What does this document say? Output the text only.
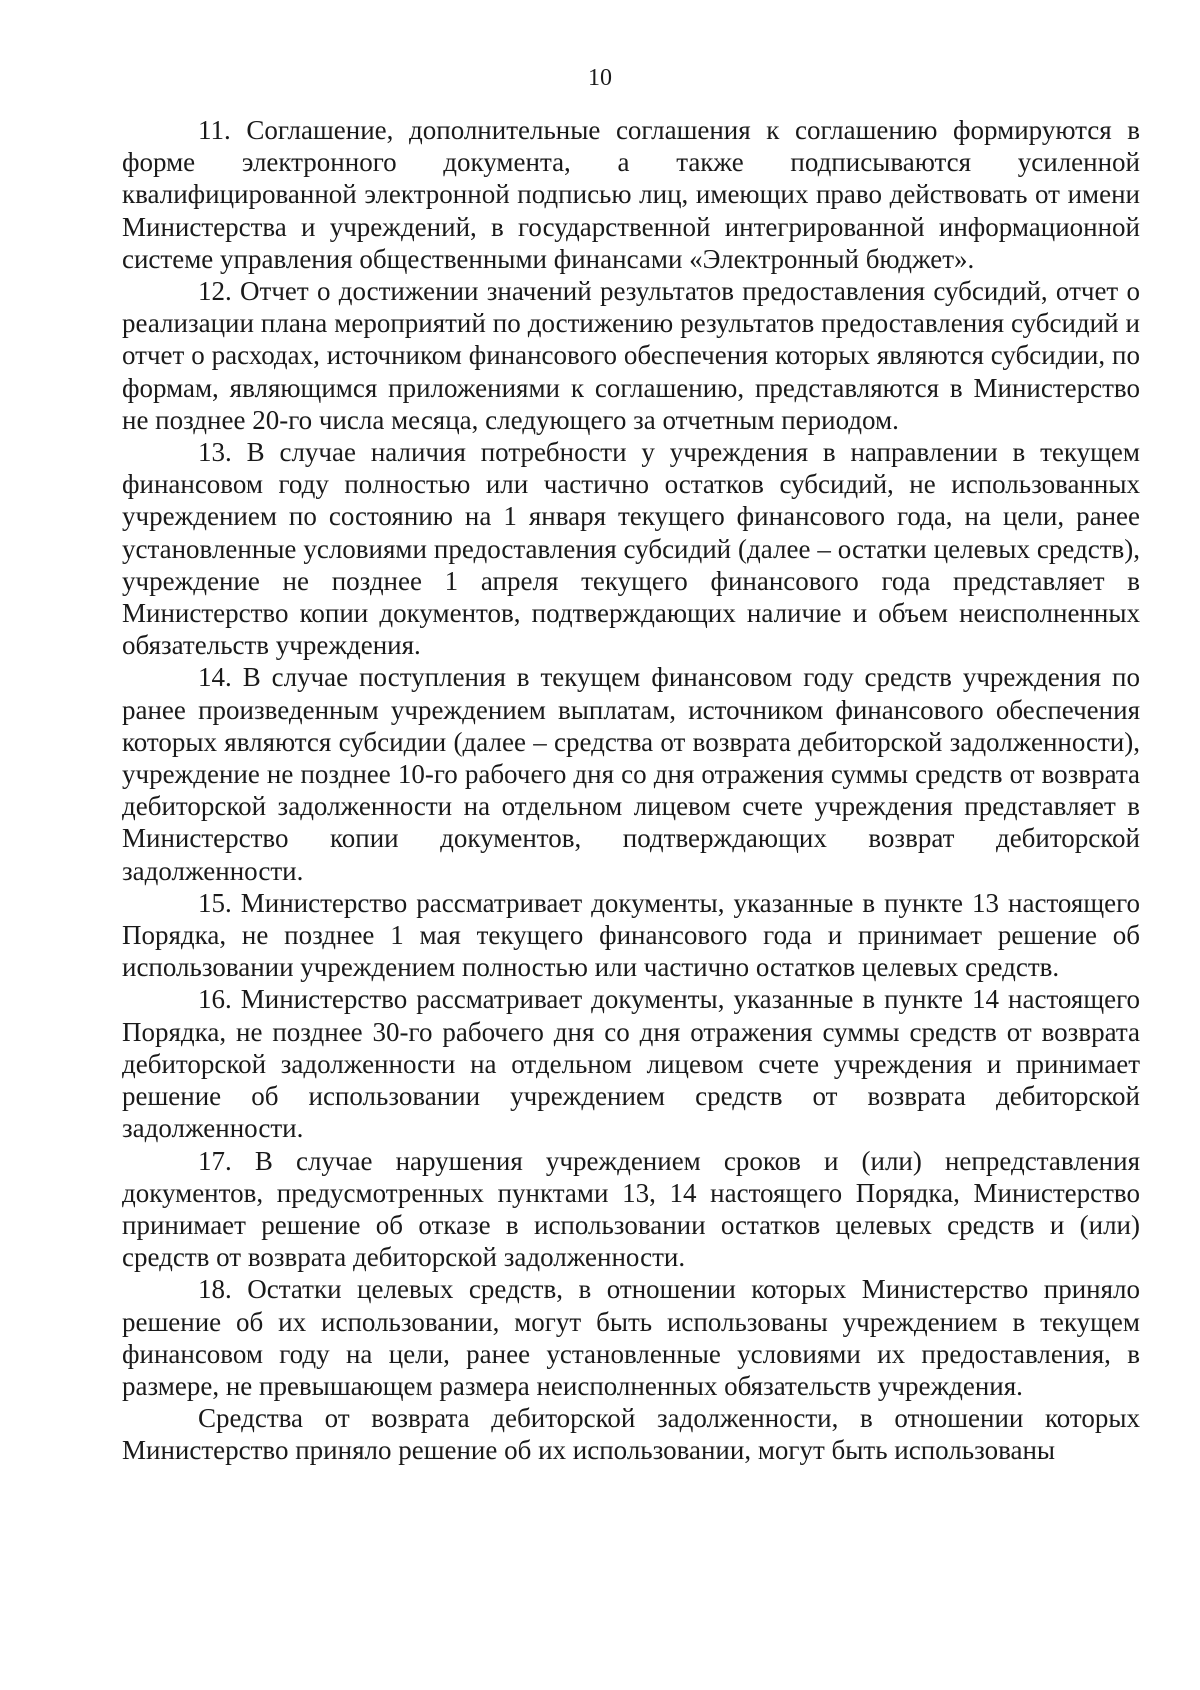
10

11. Соглашение, дополнительные соглашения к соглашению формируются в форме электронного документа, а также подписываются усиленной квалифицированной электронной подписью лиц, имеющих право действовать от имени Министерства и учреждений, в государственной интегрированной информационной системе управления общественными финансами «Электронный бюджет».

12. Отчет о достижении значений результатов предоставления субсидий, отчет о реализации плана мероприятий по достижению результатов предоставления субсидий и отчет о расходах, источником финансового обеспечения которых являются субсидии, по формам, являющимся приложениями к соглашению, представляются в Министерство не позднее 20-го числа месяца, следующего за отчетным периодом.

13. В случае наличия потребности у учреждения в направлении в текущем финансовом году полностью или частично остатков субсидий, не использованных учреждением по состоянию на 1 января текущего финансового года, на цели, ранее установленные условиями предоставления субсидий (далее – остатки целевых средств), учреждение не позднее 1 апреля текущего финансового года представляет в Министерство копии документов, подтверждающих наличие и объем неисполненных обязательств учреждения.

14. В случае поступления в текущем финансовом году средств учреждения по ранее произведенным учреждением выплатам, источником финансового обеспечения которых являются субсидии (далее – средства от возврата дебиторской задолженности), учреждение не позднее 10-го рабочего дня со дня отражения суммы средств от возврата дебиторской задолженности на отдельном лицевом счете учреждения представляет в Министерство копии документов, подтверждающих возврат дебиторской задолженности.

15. Министерство рассматривает документы, указанные в пункте 13 настоящего Порядка, не позднее 1 мая текущего финансового года и принимает решение об использовании учреждением полностью или частично остатков целевых средств.

16. Министерство рассматривает документы, указанные в пункте 14 настоящего Порядка, не позднее 30-го рабочего дня со дня отражения суммы средств от возврата дебиторской задолженности на отдельном лицевом счете учреждения и принимает решение об использовании учреждением средств от возврата дебиторской задолженности.

17. В случае нарушения учреждением сроков и (или) непредставления документов, предусмотренных пунктами 13, 14 настоящего Порядка, Министерство принимает решение об отказе в использовании остатков целевых средств и (или) средств от возврата дебиторской задолженности.

18. Остатки целевых средств, в отношении которых Министерство приняло решение об их использовании, могут быть использованы учреждением в текущем финансовом году на цели, ранее установленные условиями их предоставления, в размере, не превышающем размера неисполненных обязательств учреждения.

Средства от возврата дебиторской задолженности, в отношении которых Министерство приняло решение об их использовании, могут быть использованы
